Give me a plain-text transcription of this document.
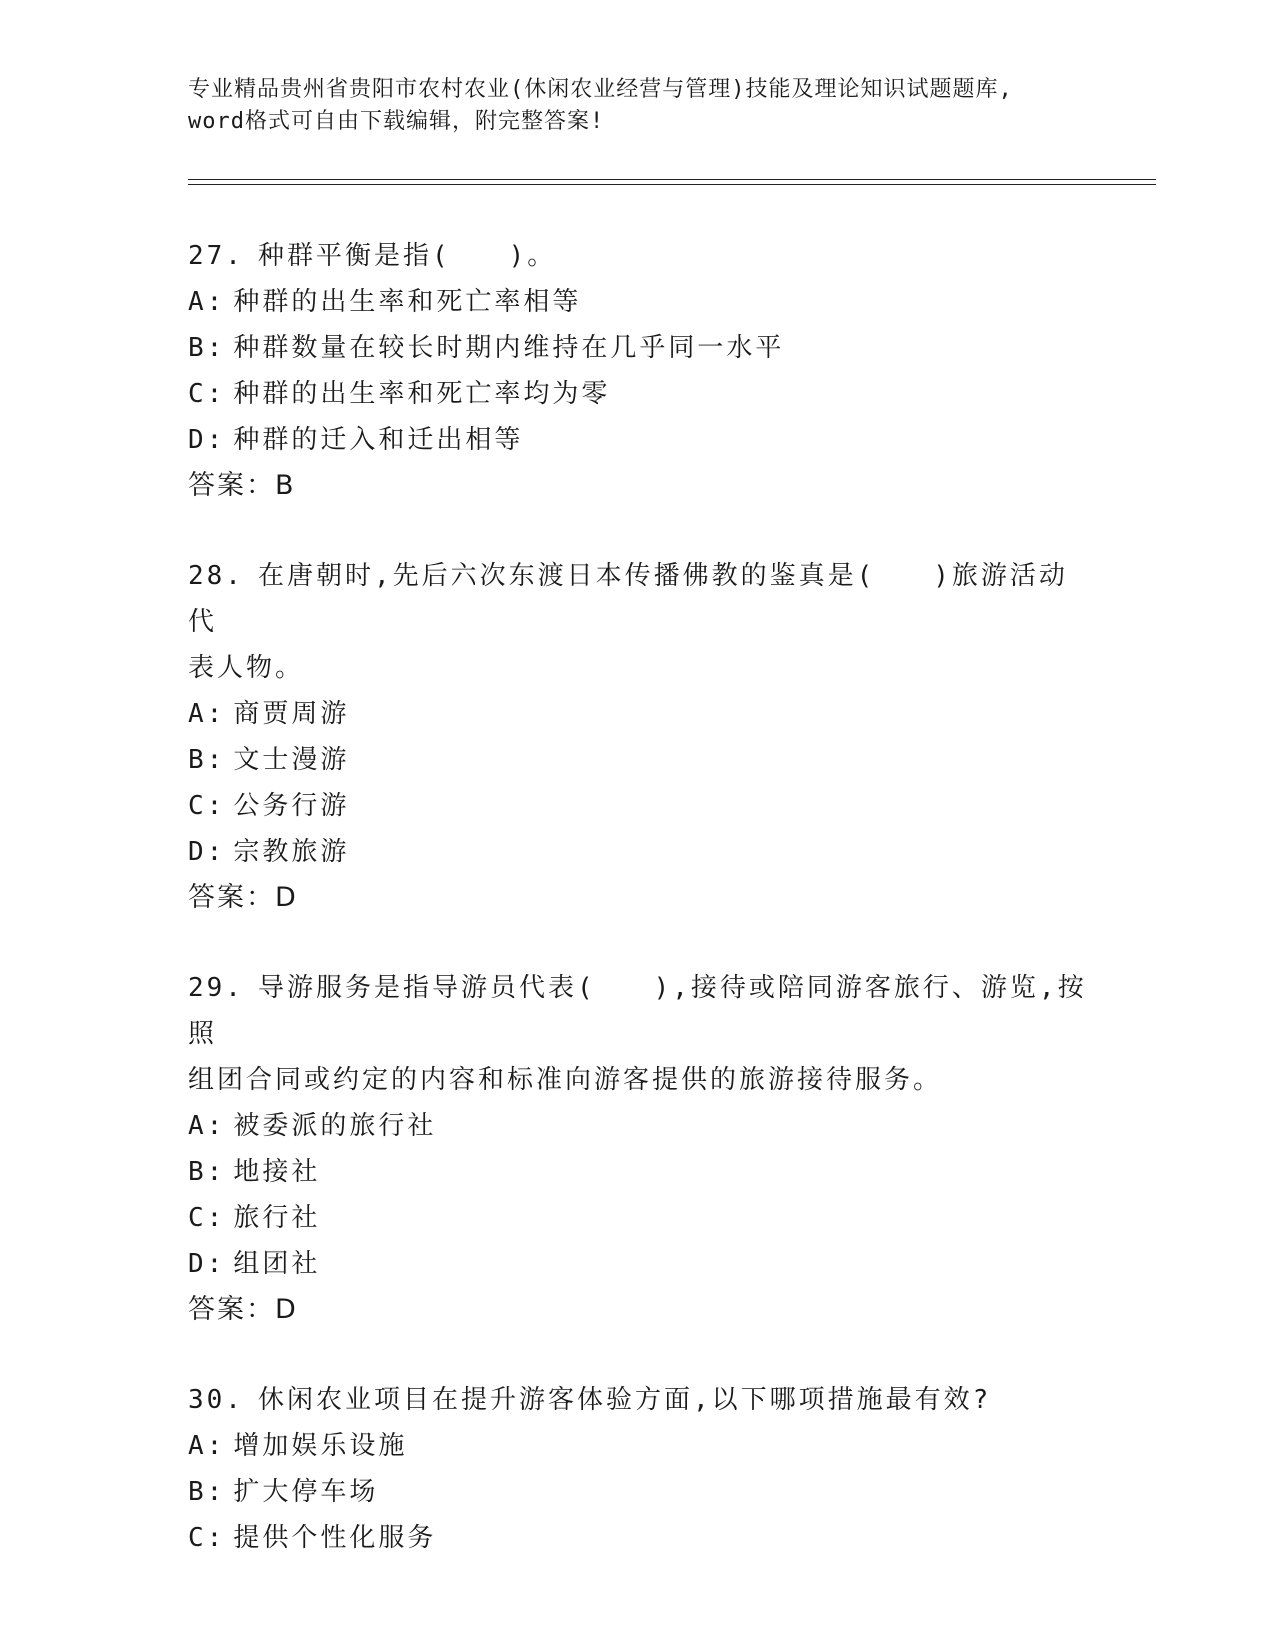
专业精品贵州省贵阳市农村农业(休闲农业经营与管理)技能及理论知识试题题库,
word格式可自由下载编辑，附完整答案!
27. 种群平衡是指(　　)。
A: 种群的出生率和死亡率相等
B: 种群数量在较长时期内维持在几乎同一水平
C: 种群的出生率和死亡率均为零
D: 种群的迁入和迁出相等
答案：B
28. 在唐朝时,先后六次东渡日本传播佛教的鉴真是(　　)旅游活动代
表人物。
A: 商贾周游
B: 文士漫游
C: 公务行游
D: 宗教旅游
答案：D
29. 导游服务是指导游员代表(　　),接待或陪同游客旅行、游览,按照
组团合同或约定的内容和标准向游客提供的旅游接待服务。
A: 被委派的旅行社
B: 地接社
C: 旅行社
D: 组团社
答案：D
30. 休闲农业项目在提升游客体验方面,以下哪项措施最有效?
A: 增加娱乐设施
B: 扩大停车场
C: 提供个性化服务
